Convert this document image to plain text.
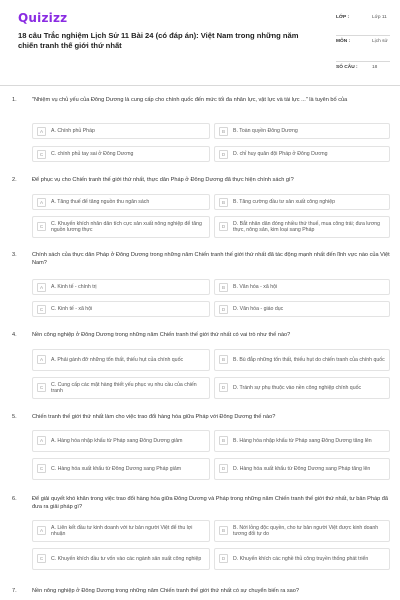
Quizizz
18 câu Trắc nghiệm Lịch Sử 11 Bài 24 (có đáp án): Việt Nam trong những năm chiến tranh thế giới thứ nhất
LỚP :	Lớp 11
MÔN :	Lịch sử
SỐ CÂU :	18
1.	"Nhiệm vụ chủ yếu của Đông Dương là cung cấp cho chính quốc đến mức tối đa nhân lực, vật lực và tài lực ..." là tuyên bố của
A	A. Chính phủ Pháp	B	B. Toàn quyền Đông Dương
C	C. chính phủ tay sai ở Đông Dương	D	D. chỉ huy quân đội Pháp ở Đông Dương
2.	Để phục vụ cho Chiến tranh thế giới thứ nhất, thực dân Pháp ở Đông Dương đã thực hiện chính sách gì?
A	A. Tăng thuế để tăng nguồn thu ngân sách	B	B. Tăng cường đầu tư sản xuất công nghiệp
C	C. Khuyến khích nhân dân tích cực sản xuất nông nghiệp để tăng nguồn lương thực
D	D. Bắt nhân dân đóng nhiều thứ thuế, mua công trái; đưa lương thực, nông sản, kim loại sang Pháp
3.	Chính sách của thực dân Pháp ở Đông Dương trong những năm Chiến tranh thế giới thứ nhất đã tác động mạnh nhất đến lĩnh vực nào của Việt Nam?
A	A. Kinh tế - chính trị	B	B. Văn hóa - xã hội
C	C. Kinh tế - xã hội	D	D. Văn hóa - giáo dục
4.	Nền công nghiệp ở Đông Dương trong những năm Chiến tranh thế giới thứ nhất có vai trò như thế nào?
A	A. Phải gánh đỡ những tổn thất, thiếu hụt của chính quốc	B	B. Bù đắp những tổn thất, thiếu hụt do chiến tranh của chính quốc
C	C. Cung cấp các mặt hàng thiết yếu phục vụ nhu cầu của chiến tranh
D	D. Tránh sự phụ thuộc vào nền công nghiệp chính quốc
5.	Chiến tranh thế giới thứ nhất làm cho việc trao đổi hàng hóa giữa Pháp với Đông Dương thế nào?
A	A. Hàng hóa nhập khẩu từ Pháp sang Đông Dương giảm	B	B. Hàng hóa nhập khẩu từ Pháp sang Đông Dương tăng lên
C	C. Hàng hóa xuất khẩu từ Đông Dương sang Pháp giảm	D	D. Hàng hóa xuất khẩu từ Đông Dương sang Pháp tăng lên
6.	Để giải quyết khó khăn trong việc trao đổi hàng hóa giữa Đông Dương và Pháp trong những năm Chiến tranh thế giới thứ nhất, tư bản Pháp đã đưa ra giải pháp gì?
A	A. Liên kết đầu tư kinh doanh với tư bản người Việt để thu lợi nhuận
B	B. Nới lỏng độc quyền, cho tư bản người Việt được kinh doanh tương đối tự do
C	C. Khuyến khích đầu tư vốn vào các ngành sản xuất công nghiệp	D	D. Khuyến khích các nghề thủ công truyền thống phát triển
7.	Nền nông nghiệp ở Đông Dương trong những năm Chiến tranh thế giới thứ nhất có sự chuyển biến ra sao?
